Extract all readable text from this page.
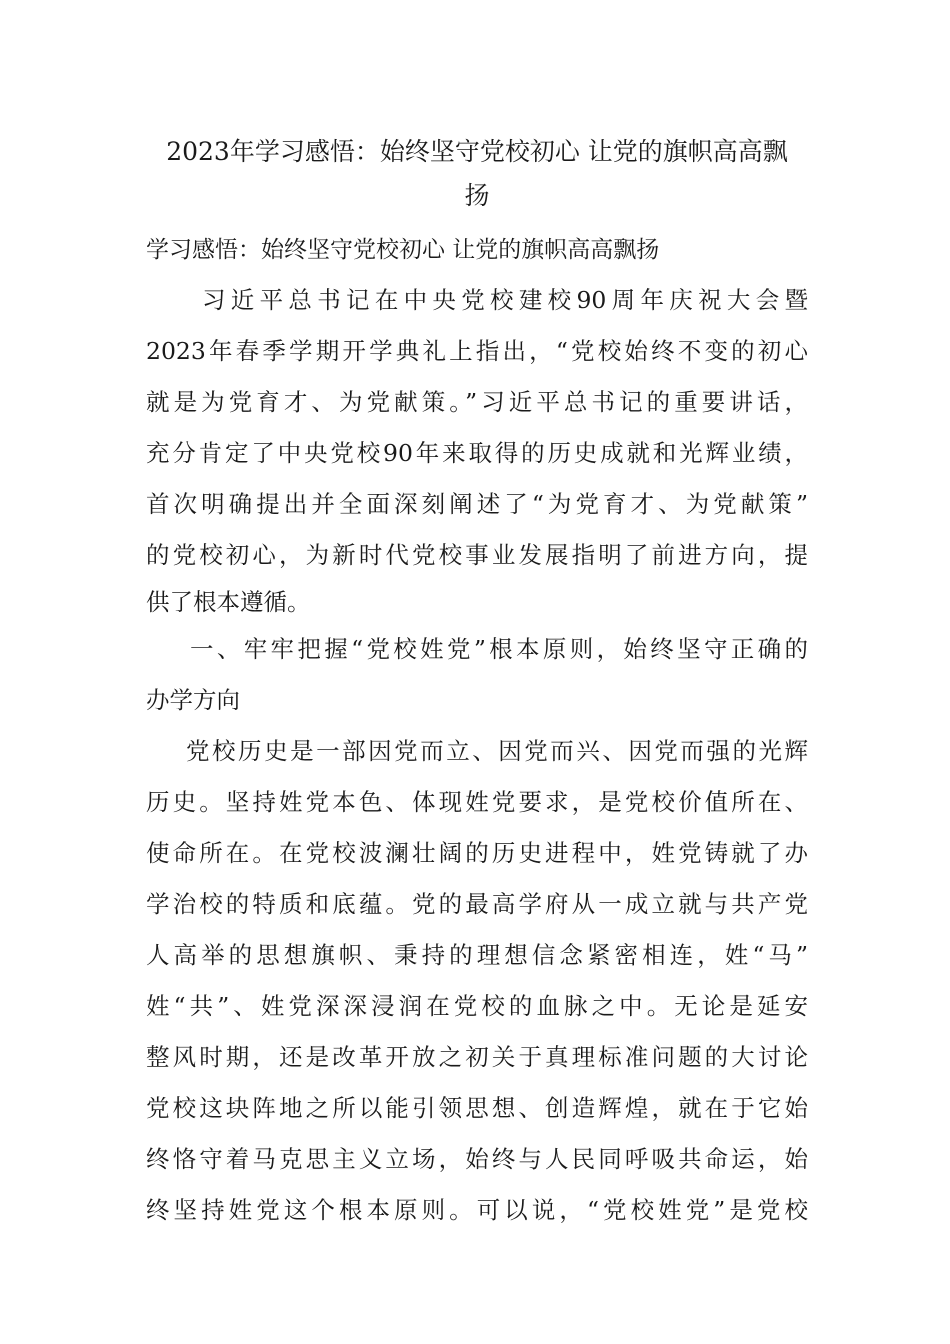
2023年学习感悟：始终坚守党校初心 让党的旗帜高高飘
扬
学习感悟：始终坚守党校初心 让党的旗帜高高飘扬
习近平总书记在中央党校建校90周年庆祝大会暨
2023年春季学期开学典礼上指出，“党校始终不变的初心
就是为党育才、为党献策。”习近平总书记的重要讲话，
充分肯定了中央党校90年来取得的历史成就和光辉业绩，
首次明确提出并全面深刻阐述了“为党育才、为党献策”
的党校初心，为新时代党校事业发展指明了前进方向，提
供了根本遵循。
一、牢牢把握“党校姓党”根本原则，始终坚守正确的
办学方向
党校历史是一部因党而立、因党而兴、因党而强的光辉
历史。坚持姓党本色、体现姓党要求，是党校价值所在、
使命所在。在党校波澜壮阔的历史进程中，姓党铸就了办
学治校的特质和底蕴。党的最高学府从一成立就与共产党
人高举的思想旗帜、秉持的理想信念紧密相连，姓“马”
姓“共”、姓党深深浸润在党校的血脉之中。无论是延安
整风时期，还是改革开放之初关于真理标准问题的大讨论
党校这块阵地之所以能引领思想、创造辉煌，就在于它始
终恪守着马克思主义立场，始终与人民同呼吸共命运，始
终坚持姓党这个根本原则。可以说，“党校姓党”是党校
